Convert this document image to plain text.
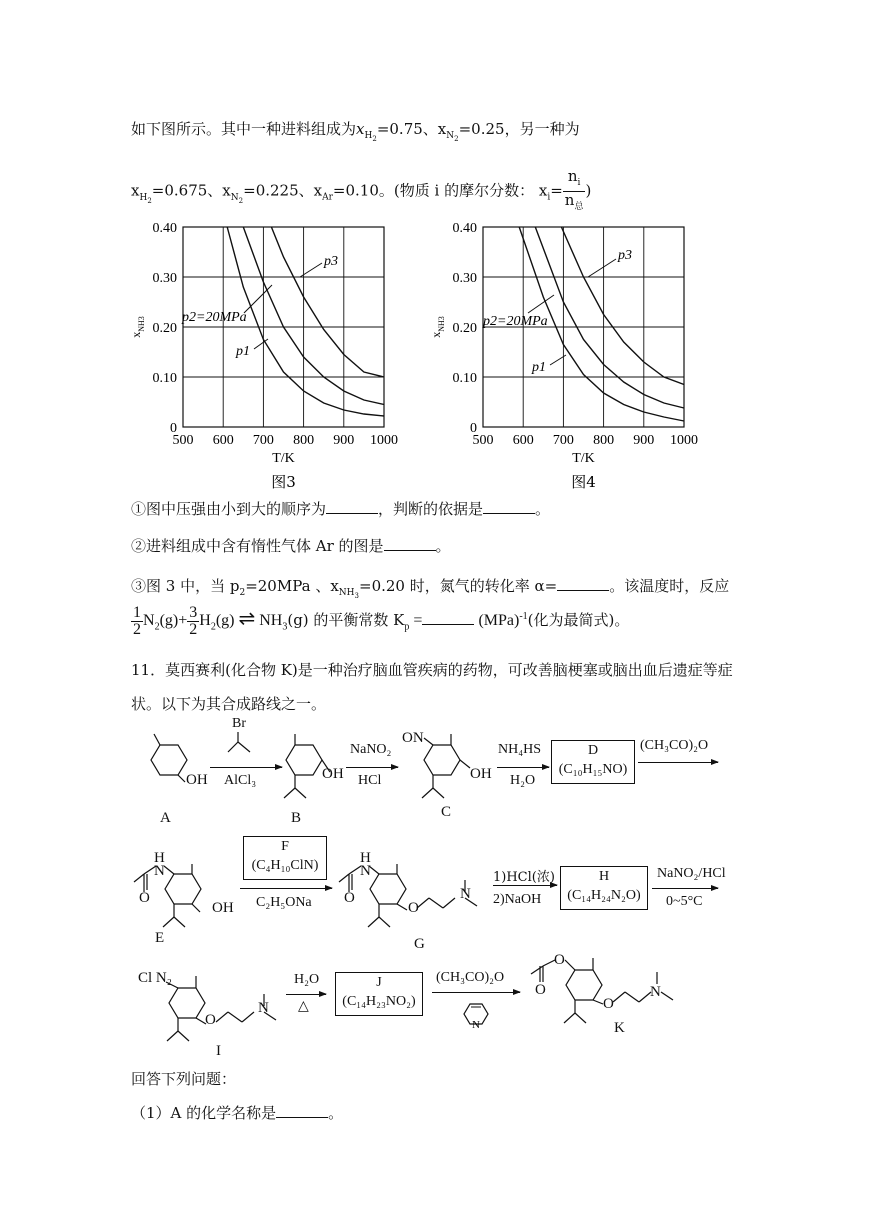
如下图所示。其中一种进料组成为$x_{H_2}=0.75$、$x_{N_2}=0.25$，另一种为
$x_{H_2}=0.675$、$x_{N_2}=0.225$、$x_{Ar}=0.10$。(物质 i 的摩尔分数： $x_i= \frac{n_i}{n_总}$ )
500 600 700 800 900 1000
0
0.10
0.20
0.30
0.40
T/K
$x_{NH3}$
图3
p3
p2=20MPa
p1
500 600 700 800 900 1000
0
0.10
0.20
0.30
0.40
T/K
$x_{NH3}$
图4
p3
p2=20MPa
p1
①图中压强由小到大的顺序为	，判断的依据是	。
②进料组成中含有惰性气体 Ar 的图是	。
③图 3 中，当 $p_2=20MPa$ 、$x_{NH_3}=0.20$ 时，氮气的转化率 α=	。该温度时，反应
$\frac{1}{2} N_2(g)+ \frac{3}{2} H_2(g)$ ⇌ $NH_3(g)$ 的平衡常数 $K_p$ =	(MPa)$^{-1}$(化为最简式)。
11．莫西赛利(化合物 K)是一种治疗脑血管疾病的药物，可改善脑梗塞或脑出血后遗症等症
状。以下为其合成路线之一。
OH
A
Br
AlCl₃	OH
B
NaNO₂
HCl
ON
OH
C
NH₄HS
H₂O
D
(C₁₀H₁₅NO)
(CH₃CO)₂O
H
N
O
OH
E
F
(C₄H₁₀ClN)
C₂H₅ONa
H
N
O
O
N
G
1)HCl(浓)
2)NaOH
H
(C₁₄H₂₄N₂O)
NaNO₂/HCl
0~5°C
Cl N₂
O
N
I
H₂O
△
J
(C₁₄H₂₃NO₂)
(CH₃CO)₂O
N
O
O
O
N
K
回答下列问题：
（1）A 的化学名称是	。
